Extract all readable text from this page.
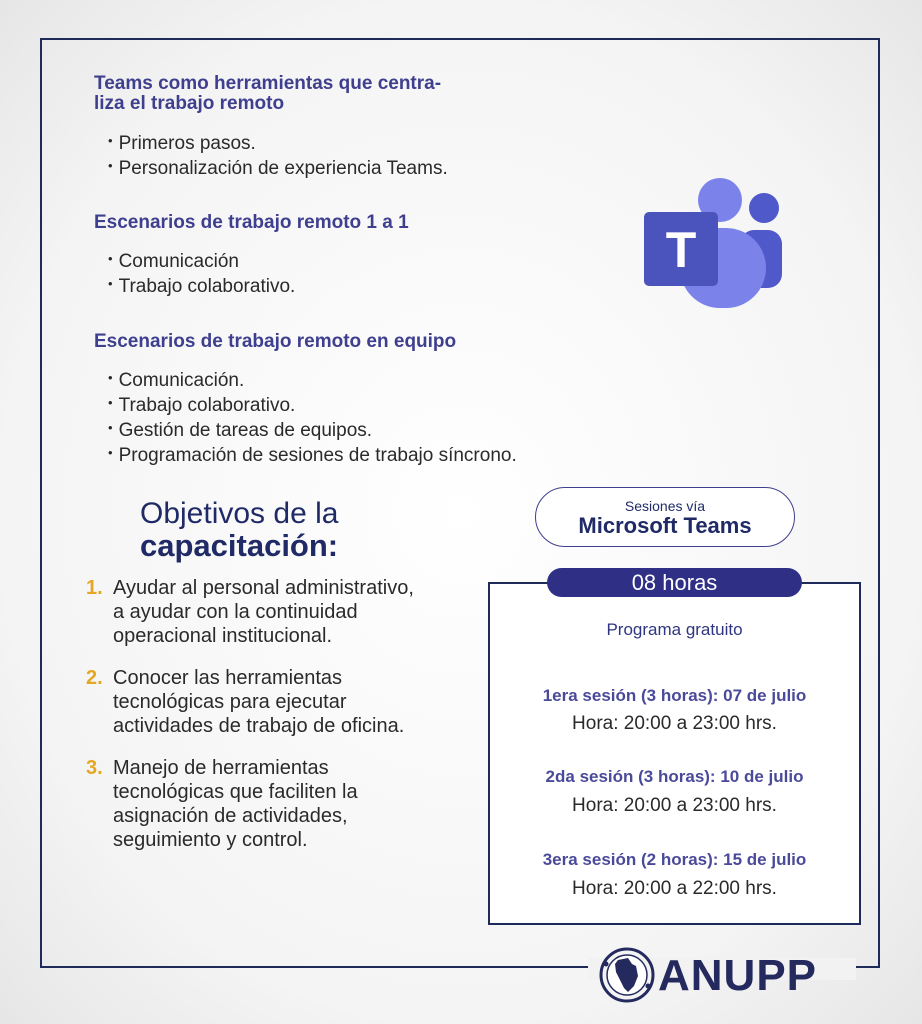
Teams como herramientas que centra-
liza el trabajo remoto
• Primeros pasos.
• Personalización de experiencia Teams.
Escenarios de trabajo remoto 1 a 1
• Comunicación
• Trabajo colaborativo.
Escenarios de trabajo remoto en equipo
• Comunicación.
• Trabajo colaborativo.
• Gestión de tareas de equipos.
• Programación de sesiones de trabajo síncrono.
T
Objetivos de la
capacitación:
1. Ayudar al personal administrativo, a ayudar con la continuidad operacional institucional.
2. Conocer las herramientas tecnológicas para ejecutar actividades de trabajo de oficina.
3. Manejo de herramientas tecnológicas que faciliten la asignación de actividades, seguimiento y control.
Sesiones vía
Microsoft Teams
08 horas
Programa gratuito
1era sesión (3 horas): 07 de julio
Hora: 20:00 a 23:00 hrs.
2da sesión (3 horas): 10 de julio
Hora: 20:00 a 23:00 hrs.
3era sesión (2 horas): 15 de julio
Hora: 20:00 a 22:00 hrs.
ANUPP
